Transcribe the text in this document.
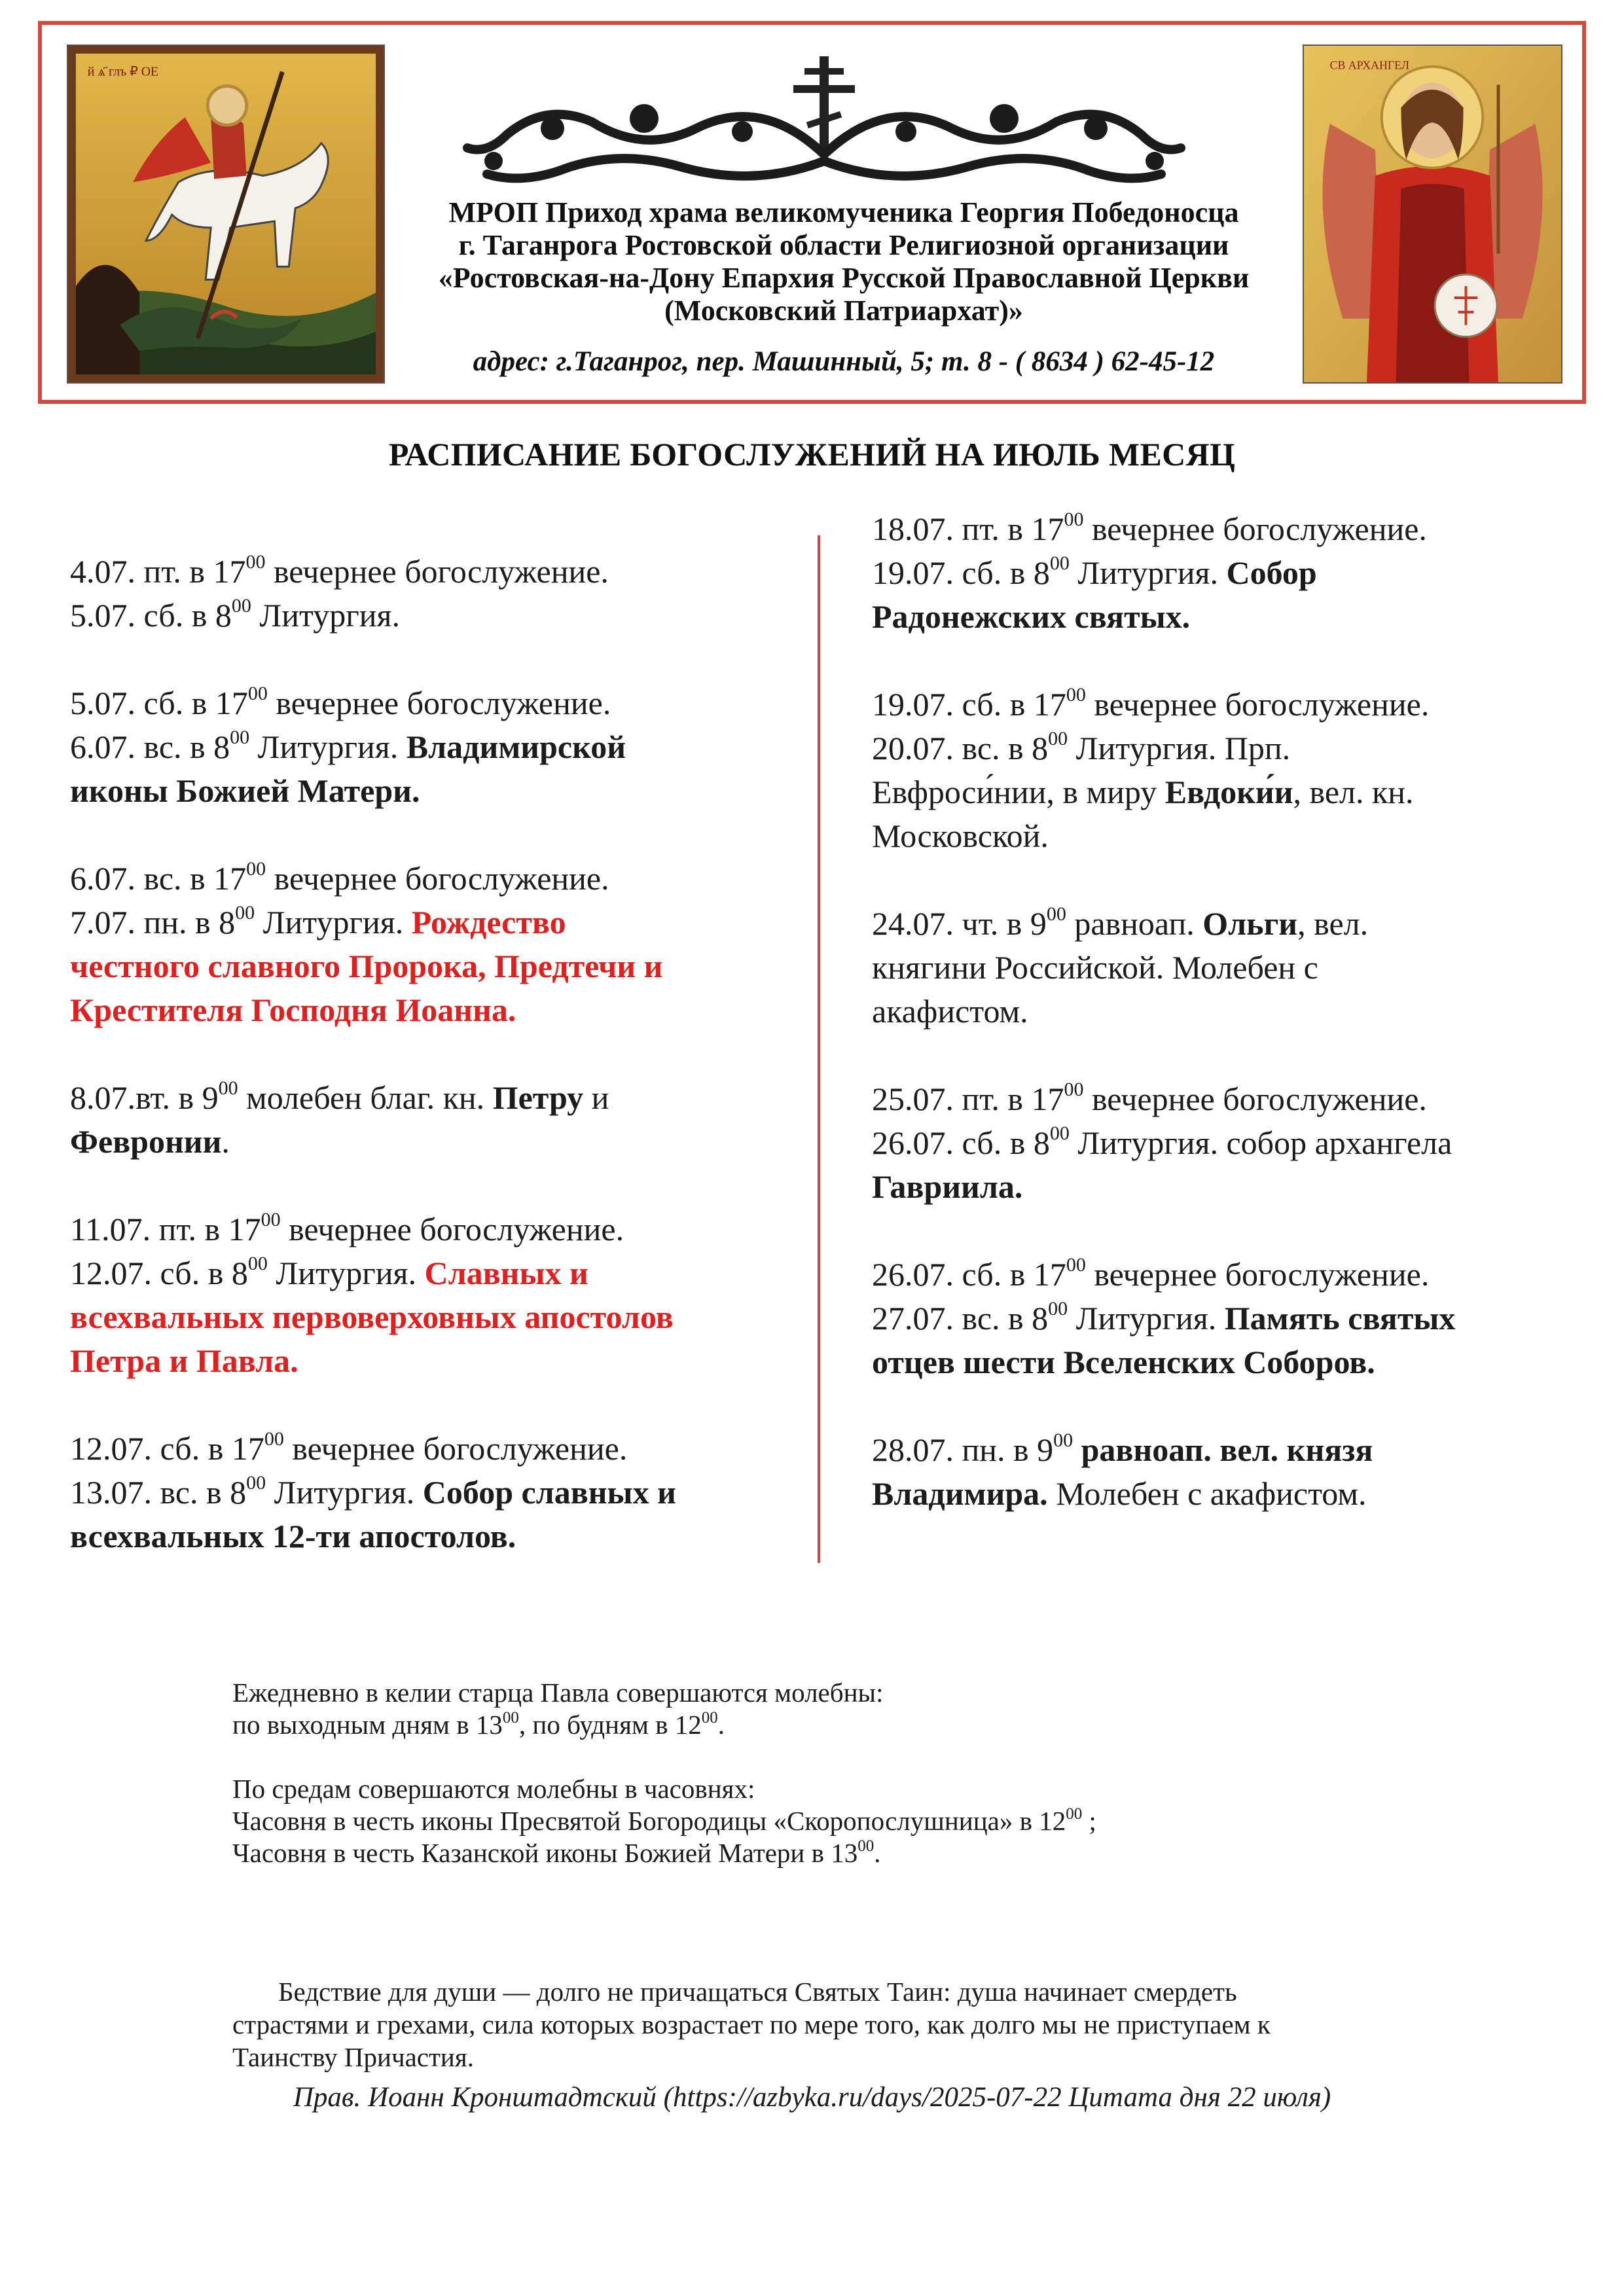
й ѧ҃ глъ ₽ ОЕ
МРОП Приход храма великомученика Георгия Победоносца
г. Таганрога Ростовской области Религиозной организации
«Ростовская-на-Дону Епархия Русской Православной Церкви
(Московский Патриархат)»
адрес: г.Таганрог, пер. Машинный, 5; т. 8 - ( 8634 ) 62-45-12
СВ АРХАНГЕЛ
РАСПИСАНИЕ БОГОСЛУЖЕНИЙ НА ИЮЛЬ МЕСЯЦ
4.07. пт. в $17^{00}$ вечернее богослужение.
5.07. сб. в $8^{00}$ Литургия.
5.07. сб. в $17^{00}$ вечернее богослужение.
6.07. вс. в $8^{00}$ Литургия. Владимирской
иконы Божией Матери.
6.07. вс. в $17^{00}$ вечернее богослужение.
7.07. пн. в $8^{00}$ Литургия. Рождество
честного славного Пророка, Предтечи и
Крестителя Господня Иоанна.
8.07.вт. в $9^{00}$ молебен благ. кн. Петру и
Февронии.
11.07. пт. в $17^{00}$ вечернее богослужение.
12.07. сб. в $8^{00}$ Литургия. Славных и
всехвальных первоверховных апостолов
Петра и Павла.
12.07. сб. в $17^{00}$ вечернее богослужение.
13.07. вс. в $8^{00}$ Литургия. Собор славных и
всехвальных 12-ти апостолов.
18.07. пт. в $17^{00}$ вечернее богослужение.
19.07. сб. в $8^{00}$ Литургия. Собор
Радонежских святых.
19.07. сб. в $17^{00}$ вечернее богослужение.
20.07. вс. в $8^{00}$ Литургия. Прп.
Евфроси́нии, в миру Евдоки́и, вел. кн.
Московской.
24.07. чт. в $9^{00}$ равноап. Ольги, вел.
княгини Российской. Молебен с
акафистом.
25.07. пт. в $17^{00}$ вечернее богослужение.
26.07. сб. в $8^{00}$ Литургия. собор архангела
Гавриила.
26.07. сб. в $17^{00}$ вечернее богослужение.
27.07. вс. в $8^{00}$ Литургия. Память святых
отцев шести Вселенских Соборов.
28.07. пн. в $9^{00}$ равноап. вел. князя
Владимира. Молебен с акафистом.
Ежедневно в келии старца Павла совершаются молебны:
по выходным дням в $13^{00}$, по будням в $12^{00}$.
По средам совершаются молебны в часовнях:
Часовня в честь иконы Пресвятой Богородицы «Скоропослушница» в $12^{00}$ ;
Часовня в честь Казанской иконы Божией Матери в $13^{00}$.
Бедствие для души — долго не причащаться Святых Таин: душа начинает смердеть
страстями и грехами, сила которых возрастает по мере того, как долго мы не приступаем к
Таинству Причастия.
Прав. Иоанн Кронштадтский (https://azbyka.ru/days/2025-07-22 Цитата дня 22 июля)
